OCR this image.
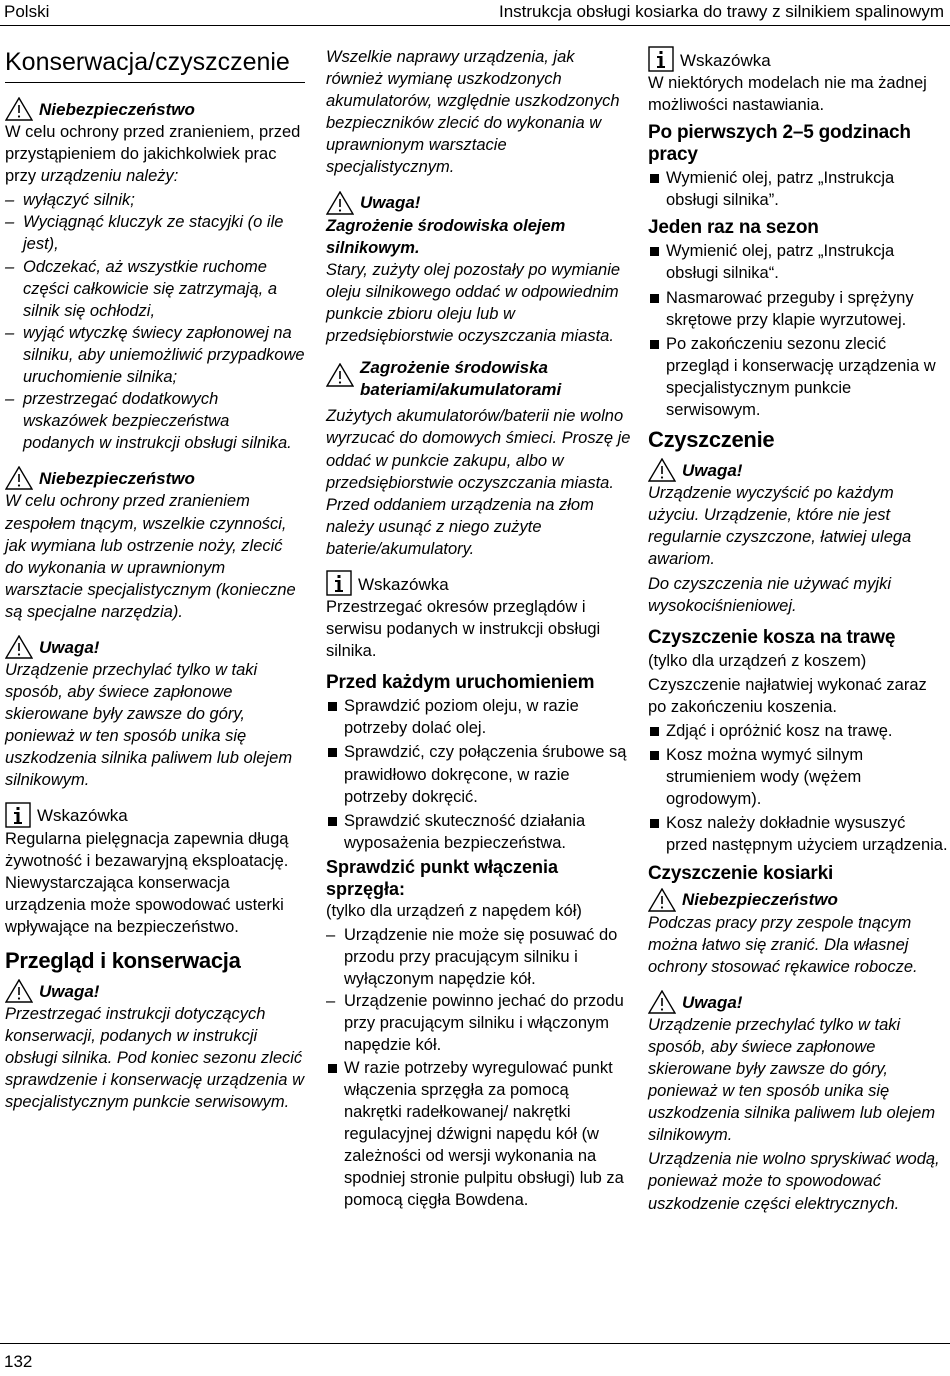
Polski	Instrukcja obsługi kosiarka do trawy z silnikiem spalinowym
Konserwacja/czyszczenie
Niebezpieczeństwo
W celu ochrony przed zranieniem, przed przystąpieniem do jakichkolwiek prac przy urządzeniu należy:
– wyłączyć silnik;
– Wyciągnąć kluczyk ze stacyjki (o ile jest),
– Odczekać, aż wszystkie ruchome części całkowicie się zatrzymają, a silnik się ochłodzi,
– wyjąć wtyczkę świecy zapłonowej na silniku, aby uniemożliwić przypadkowe uruchomienie silnika;
– przestrzegać dodatkowych wskazówek bezpieczeństwa podanych w instrukcji obsługi silnika.
Niebezpieczeństwo
W celu ochrony przed zranieniem zespołem tnącym, wszelkie czynności, jak wymiana lub ostrzenie noży, zlecić do wykonania w uprawnionym warsztacie specjalistycznym (konieczne są specjalne narzędzia).
Uwaga!
Urządzenie przechylać tylko w taki sposób, aby świece zapłonowe skierowane były zawsze do góry, ponieważ w ten sposób unika się uszkodzenia silnika paliwem lub olejem silnikowym.
Wskazówka
Regularna pielęgnacja zapewnia długą żywotność i bezawaryjną eksploatację. Niewystarczająca konserwacja urządzenia może spowodować usterki wpływające na bezpieczeństwo.
Przegląd i konserwacja
Uwaga!
Przestrzegać instrukcji dotyczących konserwacji, podanych w instrukcji obsługi silnika. Pod koniec sezonu zlecić sprawdzenie i konserwację urządzenia w specjalistycznym punkcie serwisowym.
Wszelkie naprawy urządzenia, jak również wymianę uszkodzonych akumulatorów, względnie uszkodzonych bezpieczników zlecić do wykonania w uprawnionym warsztacie specjalistycznym.
Uwaga!
Zagrożenie środowiska olejem silnikowym.
Stary, zużyty olej pozostały po wymianie oleju silnikowego oddać w odpowiednim punkcie zbioru oleju lub w przedsiębiorstwie oczyszczania miasta.
Zagrożenie środowiska bateriami/akumulatorami
Zużytych akumulatorów/baterii nie wolno wyrzucać do domowych śmieci. Proszę je oddać w punkcie zakupu, albo w przedsiębiorstwie oczyszczania miasta. Przed oddaniem urządzenia na złom należy usunąć z niego zużyte baterie/akumulatory.
Wskazówka
Przestrzegać okresów przeglądów i serwisu podanych w instrukcji obsługi silnika.
Przed każdym uruchomieniem
Sprawdzić poziom oleju, w razie potrzeby dolać olej.
Sprawdzić, czy połączenia śrubowe są prawidłowo dokręcone, w razie potrzeby dokręcić.
Sprawdzić skuteczność działania wyposażenia bezpieczeństwa.
Sprawdzić punkt włączenia sprzęgła:
(tylko dla urządzeń z napędem kół)
– Urządzenie nie może się posuwać do przodu przy pracującym silniku i wyłączonym napędzie kół.
– Urządzenie powinno jechać do przodu przy pracującym silniku i włączonym napędzie kół.
W razie potrzeby wyregulować punkt włączenia sprzęgła za pomocą nakrętki radełkowanej/ nakrętki regulacyjnej dźwigni napędu kół (w zależności od wersji wykonania na spodniej stronie pulpitu obsługi) lub za pomocą cięgła Bowdena.
Wskazówka
W niektórych modelach nie ma żadnej możliwości nastawiania.
Po pierwszych 2–5 godzinach pracy
Wymienić olej, patrz „Instrukcja obsługi silnika”.
Jeden raz na sezon
Wymienić olej, patrz „Instrukcja obsługi silnika“.
Nasmarować przeguby i sprężyny skrętowe przy klapie wyrzutowej.
Po zakończeniu sezonu zlecić przegląd i konserwację urządzenia w specjalistycznym punkcie serwisowym.
Czyszczenie
Uwaga!
Urządzenie wyczyścić po każdym użyciu. Urządzenie, które nie jest regularnie czyszczone, łatwiej ulega awariom.
Do czyszczenia nie używać myjki wysokociśnieniowej.
Czyszczenie kosza na trawę
(tylko dla urządzeń z koszem)
Czyszczenie najłatwiej wykonać zaraz po zakończeniu koszenia.
Zdjąć i opróżnić kosz na trawę.
Kosz można wymyć silnym strumieniem wody (wężem ogrodowym).
Kosz należy dokładnie wysuszyć przed następnym użyciem urządzenia.
Czyszczenie kosiarki
Niebezpieczeństwo
Podczas pracy przy zespole tnącym można łatwo się zranić. Dla własnej ochrony stosować rękawice robocze.
Uwaga!
Urządzenie przechylać tylko w taki sposób, aby świece zapłonowe skierowane były zawsze do góry, ponieważ w ten sposób unika się uszkodzenia silnika paliwem lub olejem silnikowym.
Urządzenia nie wolno spryskiwać wodą, ponieważ może to spowodować uszkodzenie części elektrycznych.
132
